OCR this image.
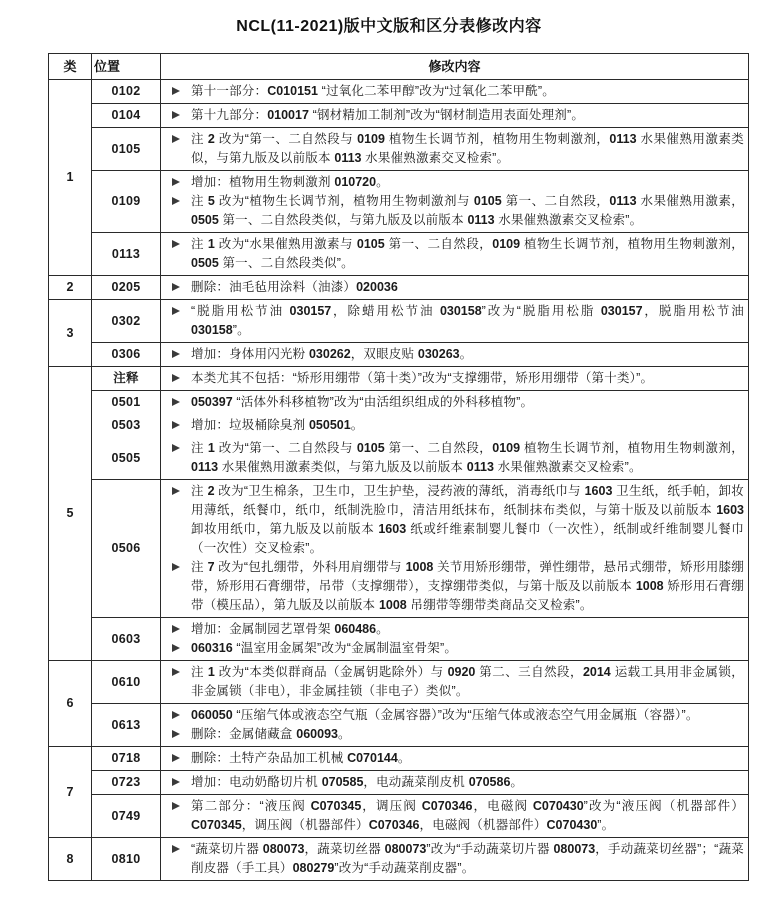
NCL(11-2021)版中文版和区分表修改内容
类	位置	修改内容
1	0102	第十一部分：C010151 “过氧化二苯甲醇”改为“过氧化二苯甲酰”。

	0104	第十九部分：010017 “钢材精加工制剂”改为“钢材制造用表面处理剂”。

	0105	注 2 改为“第一、二自然段与 0109 植物生长调节剂，植物用生物刺激剂，0113 水果催熟用激素类似，与第九版及以前版本 0113 水果催熟激素交叉检索”。

	0109	增加：植物用生物刺激剂 010720。
注 5 改为“植物生长调节剂，植物用生物刺激剂与 0105 第一、二自然段，0113 水果催熟用激素，0505 第一、二自然段类似，与第九版及以前版本 0113 水果催熟激素交叉检索”。

	0113	注 1 改为“水果催熟用激素与 0105 第一、二自然段，0109 植物生长调节剂，植物用生物刺激剂，0505 第一、二自然段类似”。

2	0205	删除：油毛毡用涂料（油漆）020036

3	0302	“脱脂用松节油 030157，除蜡用松节油 030158”改为“脱脂用松脂 030157，脱脂用松节油 030158”。

	0306	增加：身体用闪光粉 030262，双眼皮贴 030263。

5	注释	本类尤其不包括：“矫形用绷带（第十类）”改为“支撑绷带，矫形用绷带（第十类）”。

	0501	050397 “活体外科移植物”改为“由活组织组成的外科移植物”。

	0503	增加：垃圾桶除臭剂 050501。

	0505	注 1 改为“第一、二自然段与 0105 第一、二自然段，0109 植物生长调节剂，植物用生物刺激剂，0113 水果催熟用激素类似，与第九版及以前版本 0113 水果催熟激素交叉检索”。

	0506	注 2 改为“卫生棉条，卫生巾，卫生护垫，浸药液的薄纸，消毒纸巾与 1603 卫生纸，纸手帕，卸妆用薄纸，纸餐巾，纸巾，纸制洗脸巾，清洁用纸抹布，纸制抹布类似，与第十版及以前版本 1603 卸妆用纸巾，第九版及以前版本 1603 纸或纤维素制婴儿餐巾（一次性），纸制或纤维制婴儿餐巾（一次性）交叉检索”。
注 7 改为“包扎绷带，外科用肩绷带与 1008 关节用矫形绷带，弹性绷带，悬吊式绷带，矫形用膝绷带，矫形用石膏绷带，吊带（支撑绷带），支撑绷带类似，与第十版及以前版本 1008 矫形用石膏绷带（模压品），第九版及以前版本 1008 吊绷带等绷带类商品交叉检索”。

	0603	增加：金属制园艺罩骨架 060486。
060316 “温室用金属架”改为“金属制温室骨架”。

6	0610	注 1 改为“本类似群商品（金属钥匙除外）与 0920 第二、三自然段，2014 运载工具用非金属锁，非金属锁（非电），非金属挂锁（非电子）类似”。

	0613	060050 “压缩气体或液态空气瓶（金属容器）”改为“压缩气体或液态空气用金属瓶（容器）”。
删除：金属储藏盒 060093。

7	0718	删除：土特产杂品加工机械 C070144。

	0723	增加：电动奶酪切片机 070585，电动蔬菜削皮机 070586。

	0749	第二部分：“液压阀 C070345，调压阀 C070346，电磁阀 C070430”改为“液压阀（机器部件）C070345，调压阀（机器部件）C070346，电磁阀（机器部件）C070430”。

8	0810	“蔬菜切片器 080073，蔬菜切丝器 080073”改为“手动蔬菜切片器 080073，手动蔬菜切丝器”；“蔬菜削皮器（手工具）080279”改为“手动蔬菜削皮器”。
